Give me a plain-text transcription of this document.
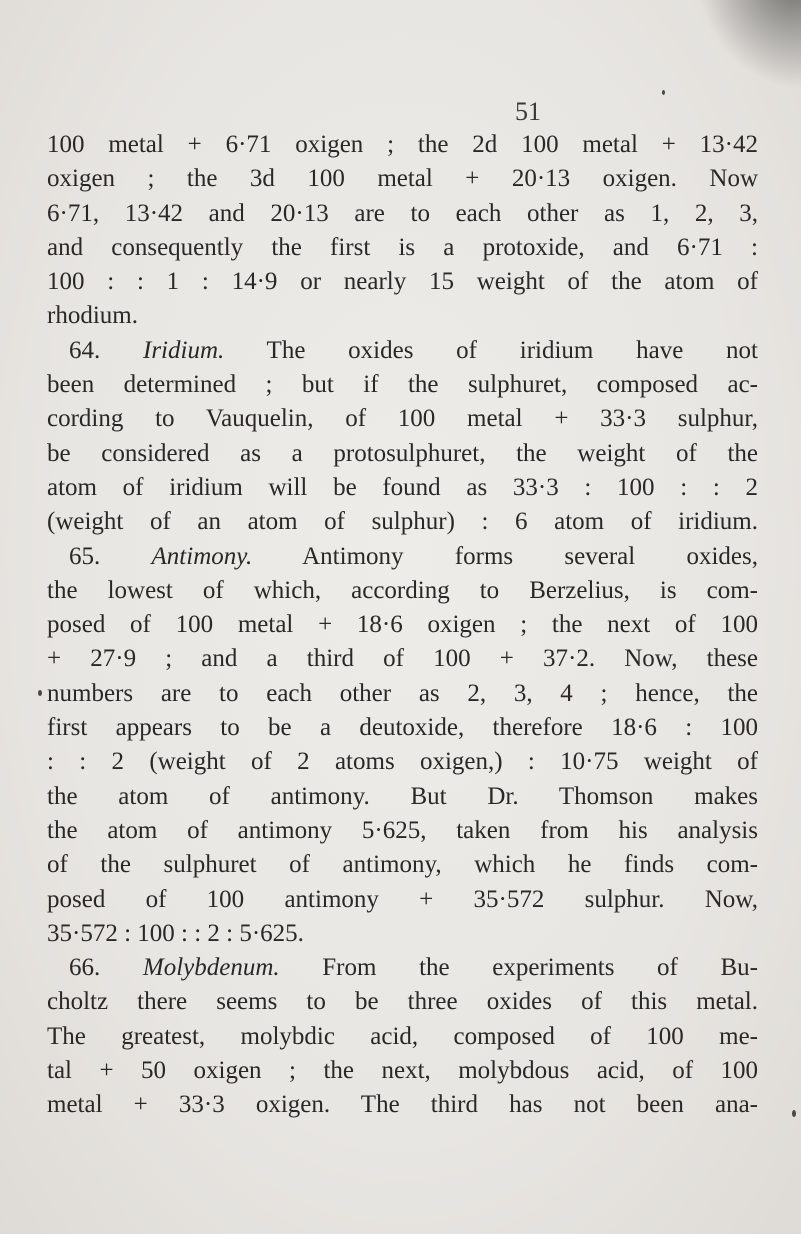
51
100 metal + 6·71 oxigen ; the 2d 100 metal + 13·42
oxigen ; the 3d 100 metal + 20·13 oxigen. Now
6·71, 13·42 and 20·13 are to each other as 1, 2, 3,
and consequently the first is a protoxide, and 6·71 :
100 : : 1 : 14·9 or nearly 15 weight of the atom of
rhodium.
64. Iridium. The oxides of iridium have not
been determined ; but if the sulphuret, composed ac-
cording to Vauquelin, of 100 metal + 33·3 sulphur,
be considered as a protosulphuret, the weight of the
atom of iridium will be found as 33·3 : 100 : : 2
(weight of an atom of sulphur) : 6 atom of iridium.
65. Antimony. Antimony forms several oxides,
the lowest of which, according to Berzelius, is com-
posed of 100 metal + 18·6 oxigen ; the next of 100
+ 27·9 ; and a third of 100 + 37·2. Now, these
numbers are to each other as 2, 3, 4 ; hence, the
first appears to be a deutoxide, therefore 18·6 : 100
: : 2 (weight of 2 atoms oxigen,) : 10·75 weight of
the atom of antimony. But Dr. Thomson makes
the atom of antimony 5·625, taken from his analysis
of the sulphuret of antimony, which he finds com-
posed of 100 antimony + 35·572 sulphur. Now,
35·572 : 100 : : 2 : 5·625.
66. Molybdenum. From the experiments of Bu-
choltz there seems to be three oxides of this metal.
The greatest, molybdic acid, composed of 100 me-
tal + 50 oxigen ; the next, molybdous acid, of 100
metal + 33·3 oxigen. The third has not been ana-
